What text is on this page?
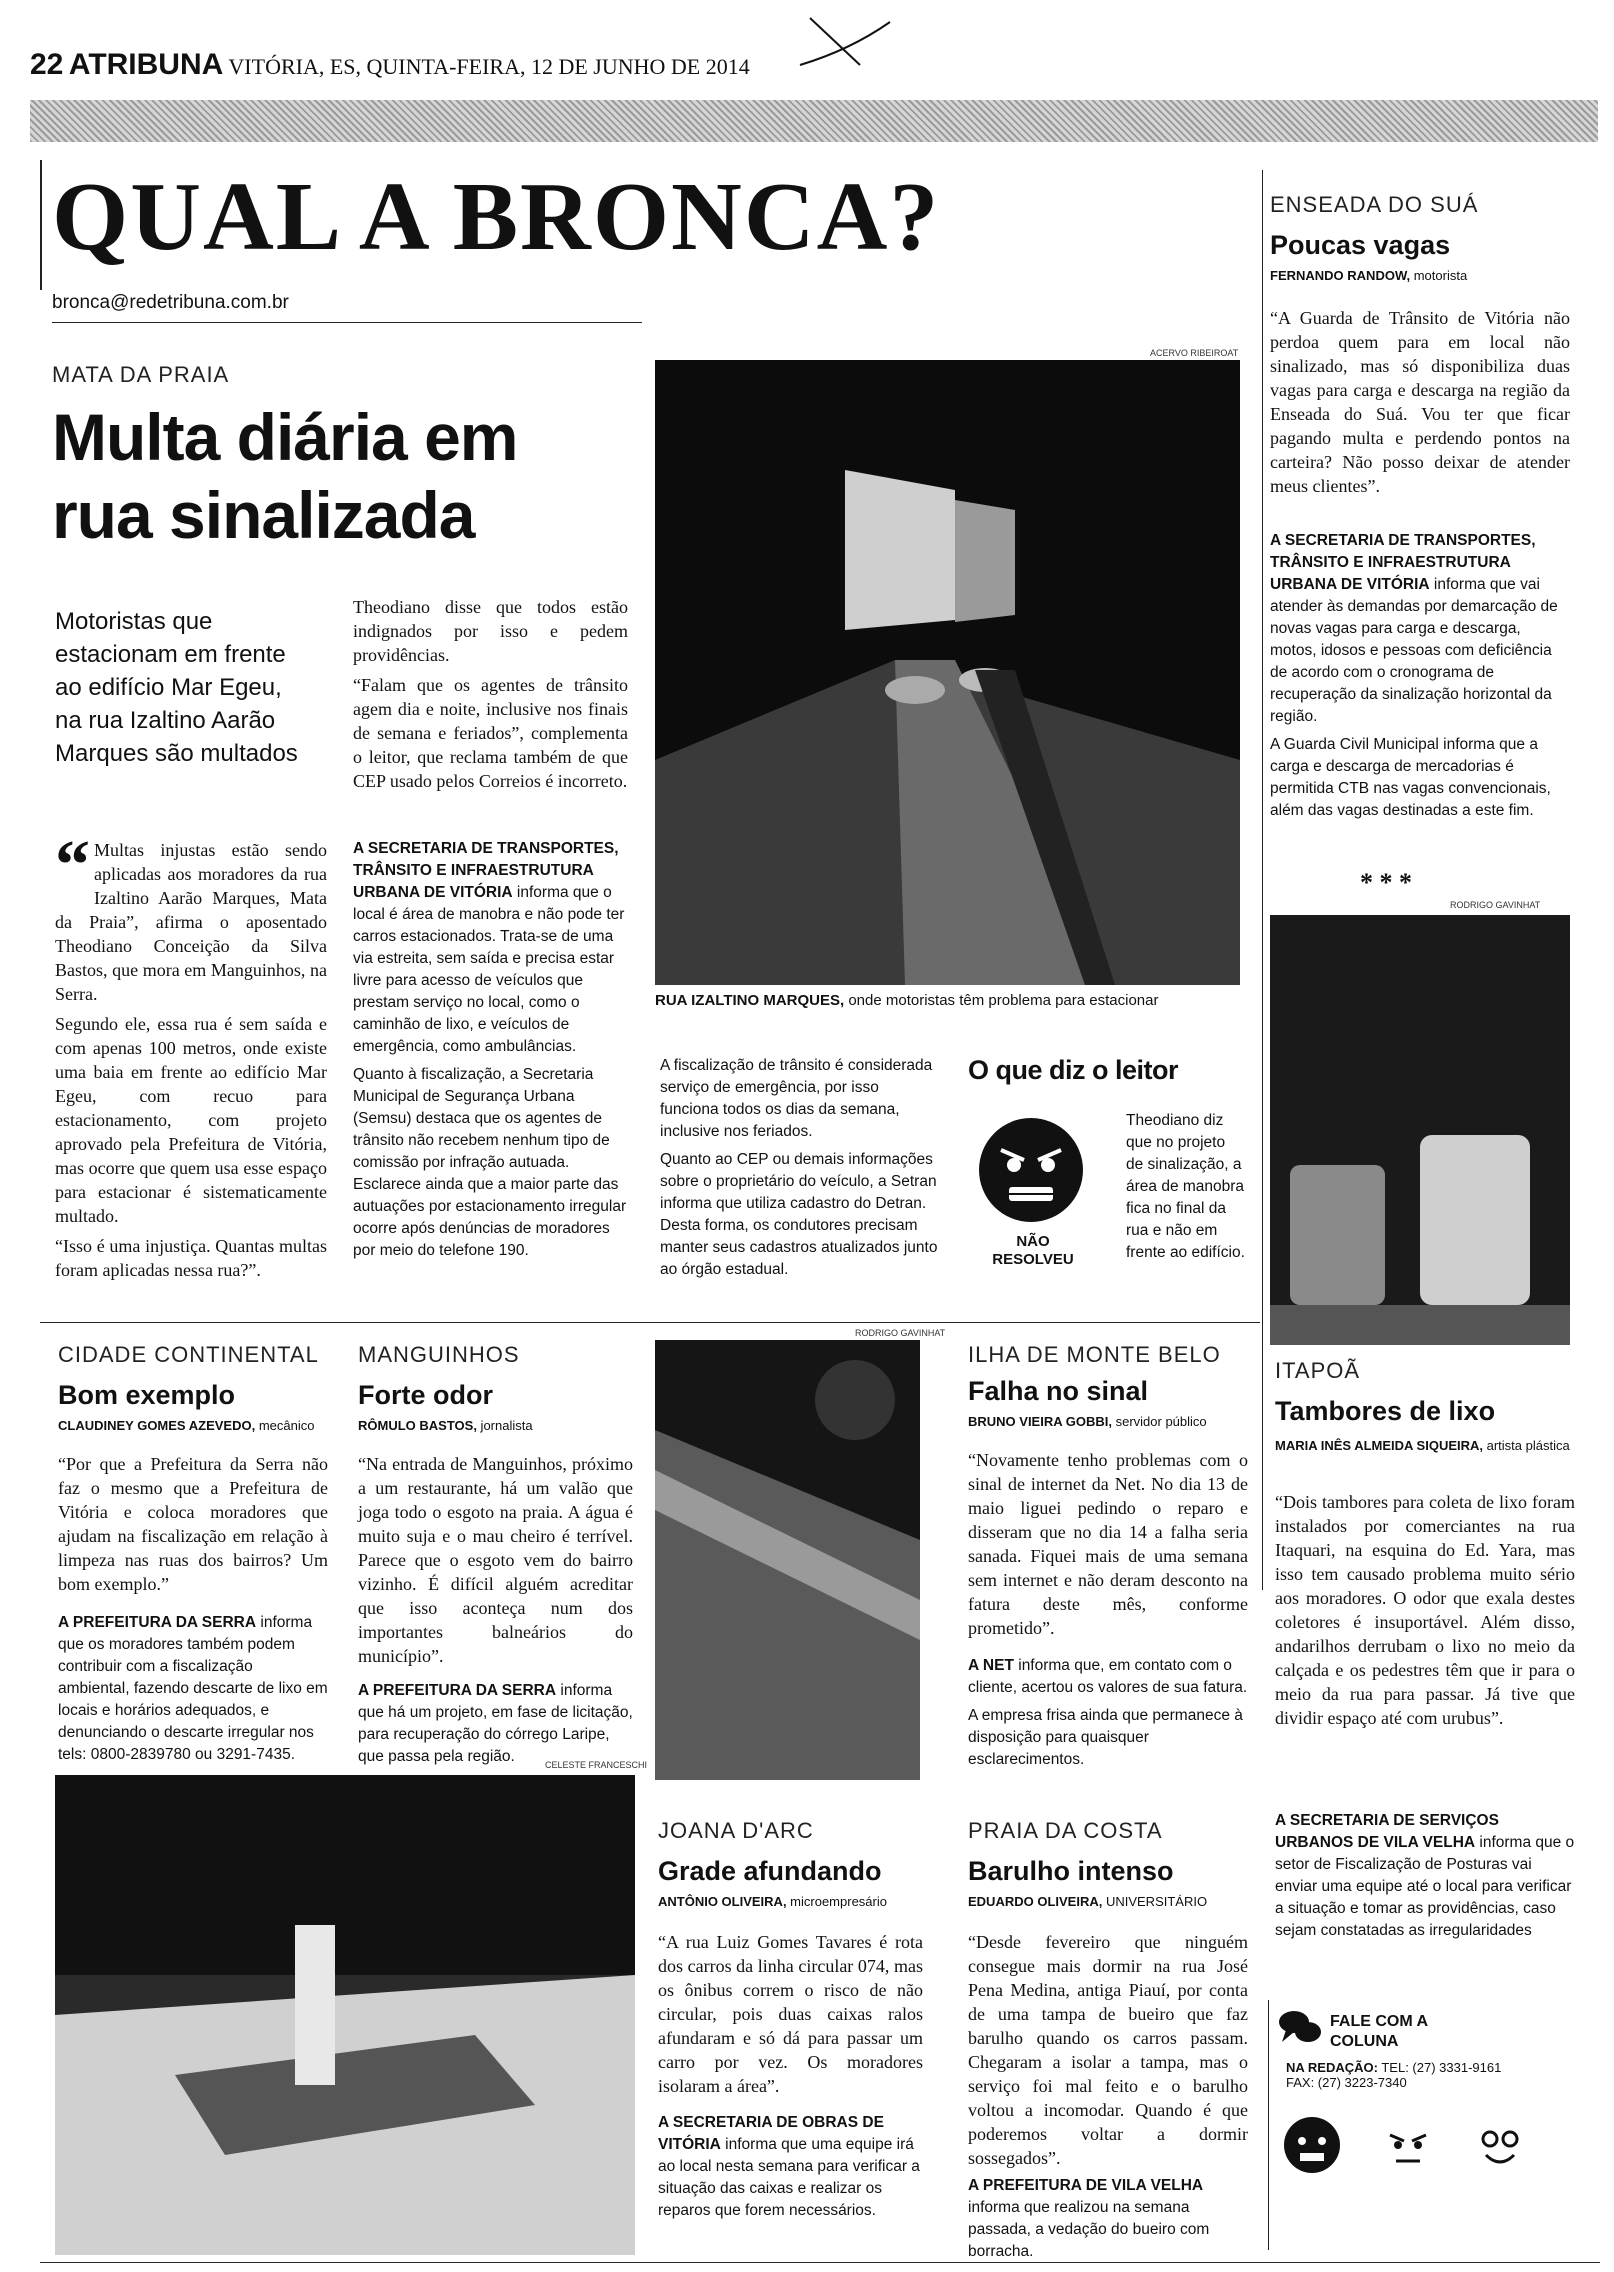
22 ATRIBUNA VITÓRIA, ES, QUINTA-FEIRA, 12 DE JUNHO DE 2014
QUAL A BRONCA?
bronca@redetribuna.com.br
MATA DA PRAIA
Multa diária em rua sinalizada
Motoristas que estacionam em frente ao edifício Mar Egeu, na rua Izaltino Aarão Marques são multados

“ Multas injustas estão sendo aplicadas aos moradores da rua Izaltino Aarão Marques, Mata da Praia”, afirma o aposentado Theodiano Conceição da Silva Bastos, que mora em Manguinhos, na Serra.

Segundo ele, essa rua é sem saída e com apenas 100 metros, onde existe uma baia em frente ao edifício Mar Egeu, com recuo para estacionamento, com projeto aprovado pela Prefeitura de Vitória, mas ocorre que quem usa esse espaço para estacionar é sistematicamente multado.

“Isso é uma injustiça. Quantas multas foram aplicadas nessa rua?”.

Theodiano disse que todos estão indignados por isso e pedem providências.

“Falam que os agentes de trânsito agem dia e noite, inclusive nos finais de semana e feriados”, complementa o leitor, que reclama também de que CEP usado pelos Correios é incorreto.

A SECRETARIA DE TRANSPORTES, TRÂNSITO E INFRAESTRUTURA URBANA DE VITÓRIA informa que o local é área de manobra e não pode ter carros estacionados. Trata-se de uma via estreita, sem saída e precisa estar livre para acesso de veículos que prestam serviço no local, como o caminhão de lixo, e veículos de emergência, como ambulâncias.

Quanto à fiscalização, a Secretaria Municipal de Segurança Urbana (Semsu) destaca que os agentes de trânsito não recebem nenhum tipo de comissão por infração autuada. Esclarece ainda que a maior parte das autuações por estacionamento irregular ocorre após denúncias de moradores por meio do telefone 190.

ACERVO RIBEIROAT
RUA IZALTINO MARQUES, onde motoristas têm problema para estacionar

A fiscalização de trânsito é considerada serviço de emergência, por isso funciona todos os dias da semana, inclusive nos feriados.

Quanto ao CEP ou demais informações sobre o proprietário do veículo, a Setran informa que utiliza cadastro do Detran. Desta forma, os condutores precisam manter seus cadastros atualizados junto ao órgão estadual.

O que diz o leitor
NÃO RESOLVEU
Theodiano diz que no projeto de sinalização, a área de manobra fica no final da rua e não em frente ao edifício.
ENSEADA DO SUÁ
Poucas vagas
FERNANDO RANDOW, motorista
“A Guarda de Trânsito de Vitória não perdoa quem para em local não sinalizado, mas só disponibiliza duas vagas para carga e descarga na região da Enseada do Suá. Vou ter que ficar pagando multa e perdendo pontos na carteira? Não posso deixar de atender meus clientes”.

A SECRETARIA DE TRANSPORTES, TRÂNSITO E INFRAESTRUTURA URBANA DE VITÓRIA informa que vai atender às demandas por demarcação de novas vagas para carga e descarga, motos, idosos e pessoas com deficiência de acordo com o cronograma de recuperação da sinalização horizontal da região.

A Guarda Civil Municipal informa que a carga e descarga de mercadorias é permitida CTB nas vagas convencionais, além das vagas destinadas a este fim.

* * *
RODRIGO GAVINHAT
CIDADE CONTINENTAL
Bom exemplo
CLAUDINEY GOMES AZEVEDO, mecânico
“Por que a Prefeitura da Serra não faz o mesmo que a Prefeitura de Vitória e coloca moradores que ajudam na fiscalização em relação à limpeza nas ruas dos bairros? Um bom exemplo.”
A PREFEITURA DA SERRA informa que os moradores também podem contribuir com a fiscalização ambiental, fazendo descarte de lixo em locais e horários adequados, e denunciando o descarte irregular nos tels: 0800-2839780 ou 3291-7435.
MANGUINHOS
Forte odor
RÔMULO BASTOS, jornalista
“Na entrada de Manguinhos, próximo a um restaurante, há um valão que joga todo o esgoto na praia. A água é muito suja e o mau cheiro é terrível. Parece que o esgoto vem do bairro vizinho. É difícil alguém acreditar que isso aconteça num dos importantes balneários do município”.
A PREFEITURA DA SERRA informa que há um projeto, em fase de licitação, para recuperação do córrego Laripe, que passa pela região.
RODRIGO GAVINHAT
ILHA DE MONTE BELO
Falha no sinal
BRUNO VIEIRA GOBBI, servidor público
“Novamente tenho problemas com o sinal de internet da Net. No dia 13 de maio liguei pedindo o reparo e disseram que no dia 14 a falha seria sanada. Fiquei mais de uma semana sem internet e não deram desconto na fatura deste mês, conforme prometido”.

A NET informa que, em contato com o cliente, acertou os valores de sua fatura.

A empresa frisa ainda que permanece à disposição para quaisquer esclarecimentos.

ITAPOÃ
Tambores de lixo
MARIA INÊS ALMEIDA SIQUEIRA, artista plástica
“Dois tambores para coleta de lixo foram instalados por comerciantes na rua Itaquari, na esquina do Ed. Yara, mas isso tem causado problema muito sério aos moradores. O odor que exala destes coletores é insuportável. Além disso, andarilhos derrubam o lixo no meio da calçada e os pedestres têm que ir para o meio da rua para passar. Já tive que dividir espaço até com urubus”.
A SECRETARIA DE SERVIÇOS URBANOS DE VILA VELHA informa que o setor de Fiscalização de Posturas vai enviar uma equipe até o local para verificar a situação e tomar as providências, caso sejam constatadas as irregularidades
CELESTE FRANCESCHI
JOANA D'ARC
Grade afundando
ANTÔNIO OLIVEIRA, microempresário
“A rua Luiz Gomes Tavares é rota dos carros da linha circular 074, mas os ônibus correm o risco de não circular, pois duas caixas ralos afundaram e só dá para passar um carro por vez. Os moradores isolaram a área”.
A SECRETARIA DE OBRAS DE VITÓRIA informa que uma equipe irá ao local nesta semana para verificar a situação das caixas e realizar os reparos que forem necessários.
PRAIA DA COSTA
Barulho intenso
EDUARDO OLIVEIRA, UNIVERSITÁRIO
“Desde fevereiro que ninguém consegue mais dormir na rua José Pena Medina, antiga Piauí, por conta de uma tampa de bueiro que faz barulho quando os carros passam. Chegaram a isolar a tampa, mas o serviço foi mal feito e o barulho voltou a incomodar. Quando é que poderemos voltar a dormir sossegados”.
A PREFEITURA DE VILA VELHA informa que realizou na semana passada, a vedação do bueiro com borracha.
FALE COM A COLUNA
NA REDAÇÃO: TEL: (27) 3331-9161
FAX: (27) 3223-7340
